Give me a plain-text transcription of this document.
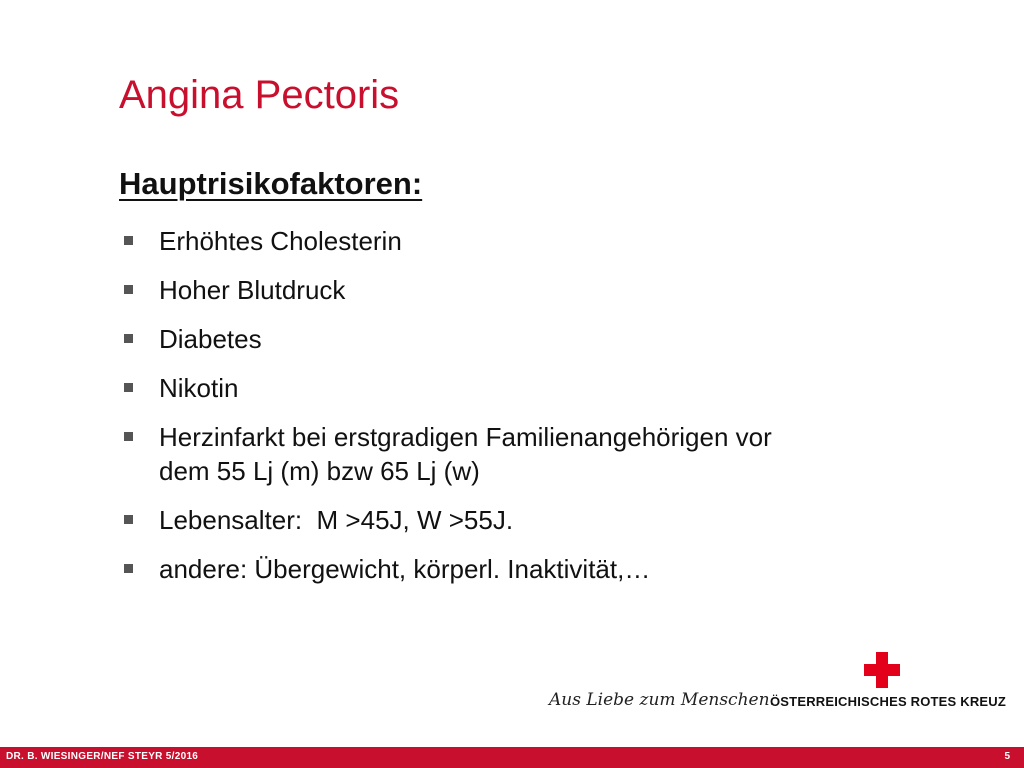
Angina Pectoris
Hauptrisikofaktoren:
Erhöhtes Cholesterin
Hoher Blutdruck
Diabetes
Nikotin
Herzinfarkt bei erstgradigen Familienangehörigen vor
dem 55 Lj (m) bzw 65 Lj (w)
Lebensalter:  M >45J, W >55J.
andere: Übergewicht, körperl. Inaktivität,…
Aus Liebe zum Menschen.
ÖSTERREICHISCHES ROTES KREUZ
DR. B. WIESINGER/NEF STEYR 5/2016	5
